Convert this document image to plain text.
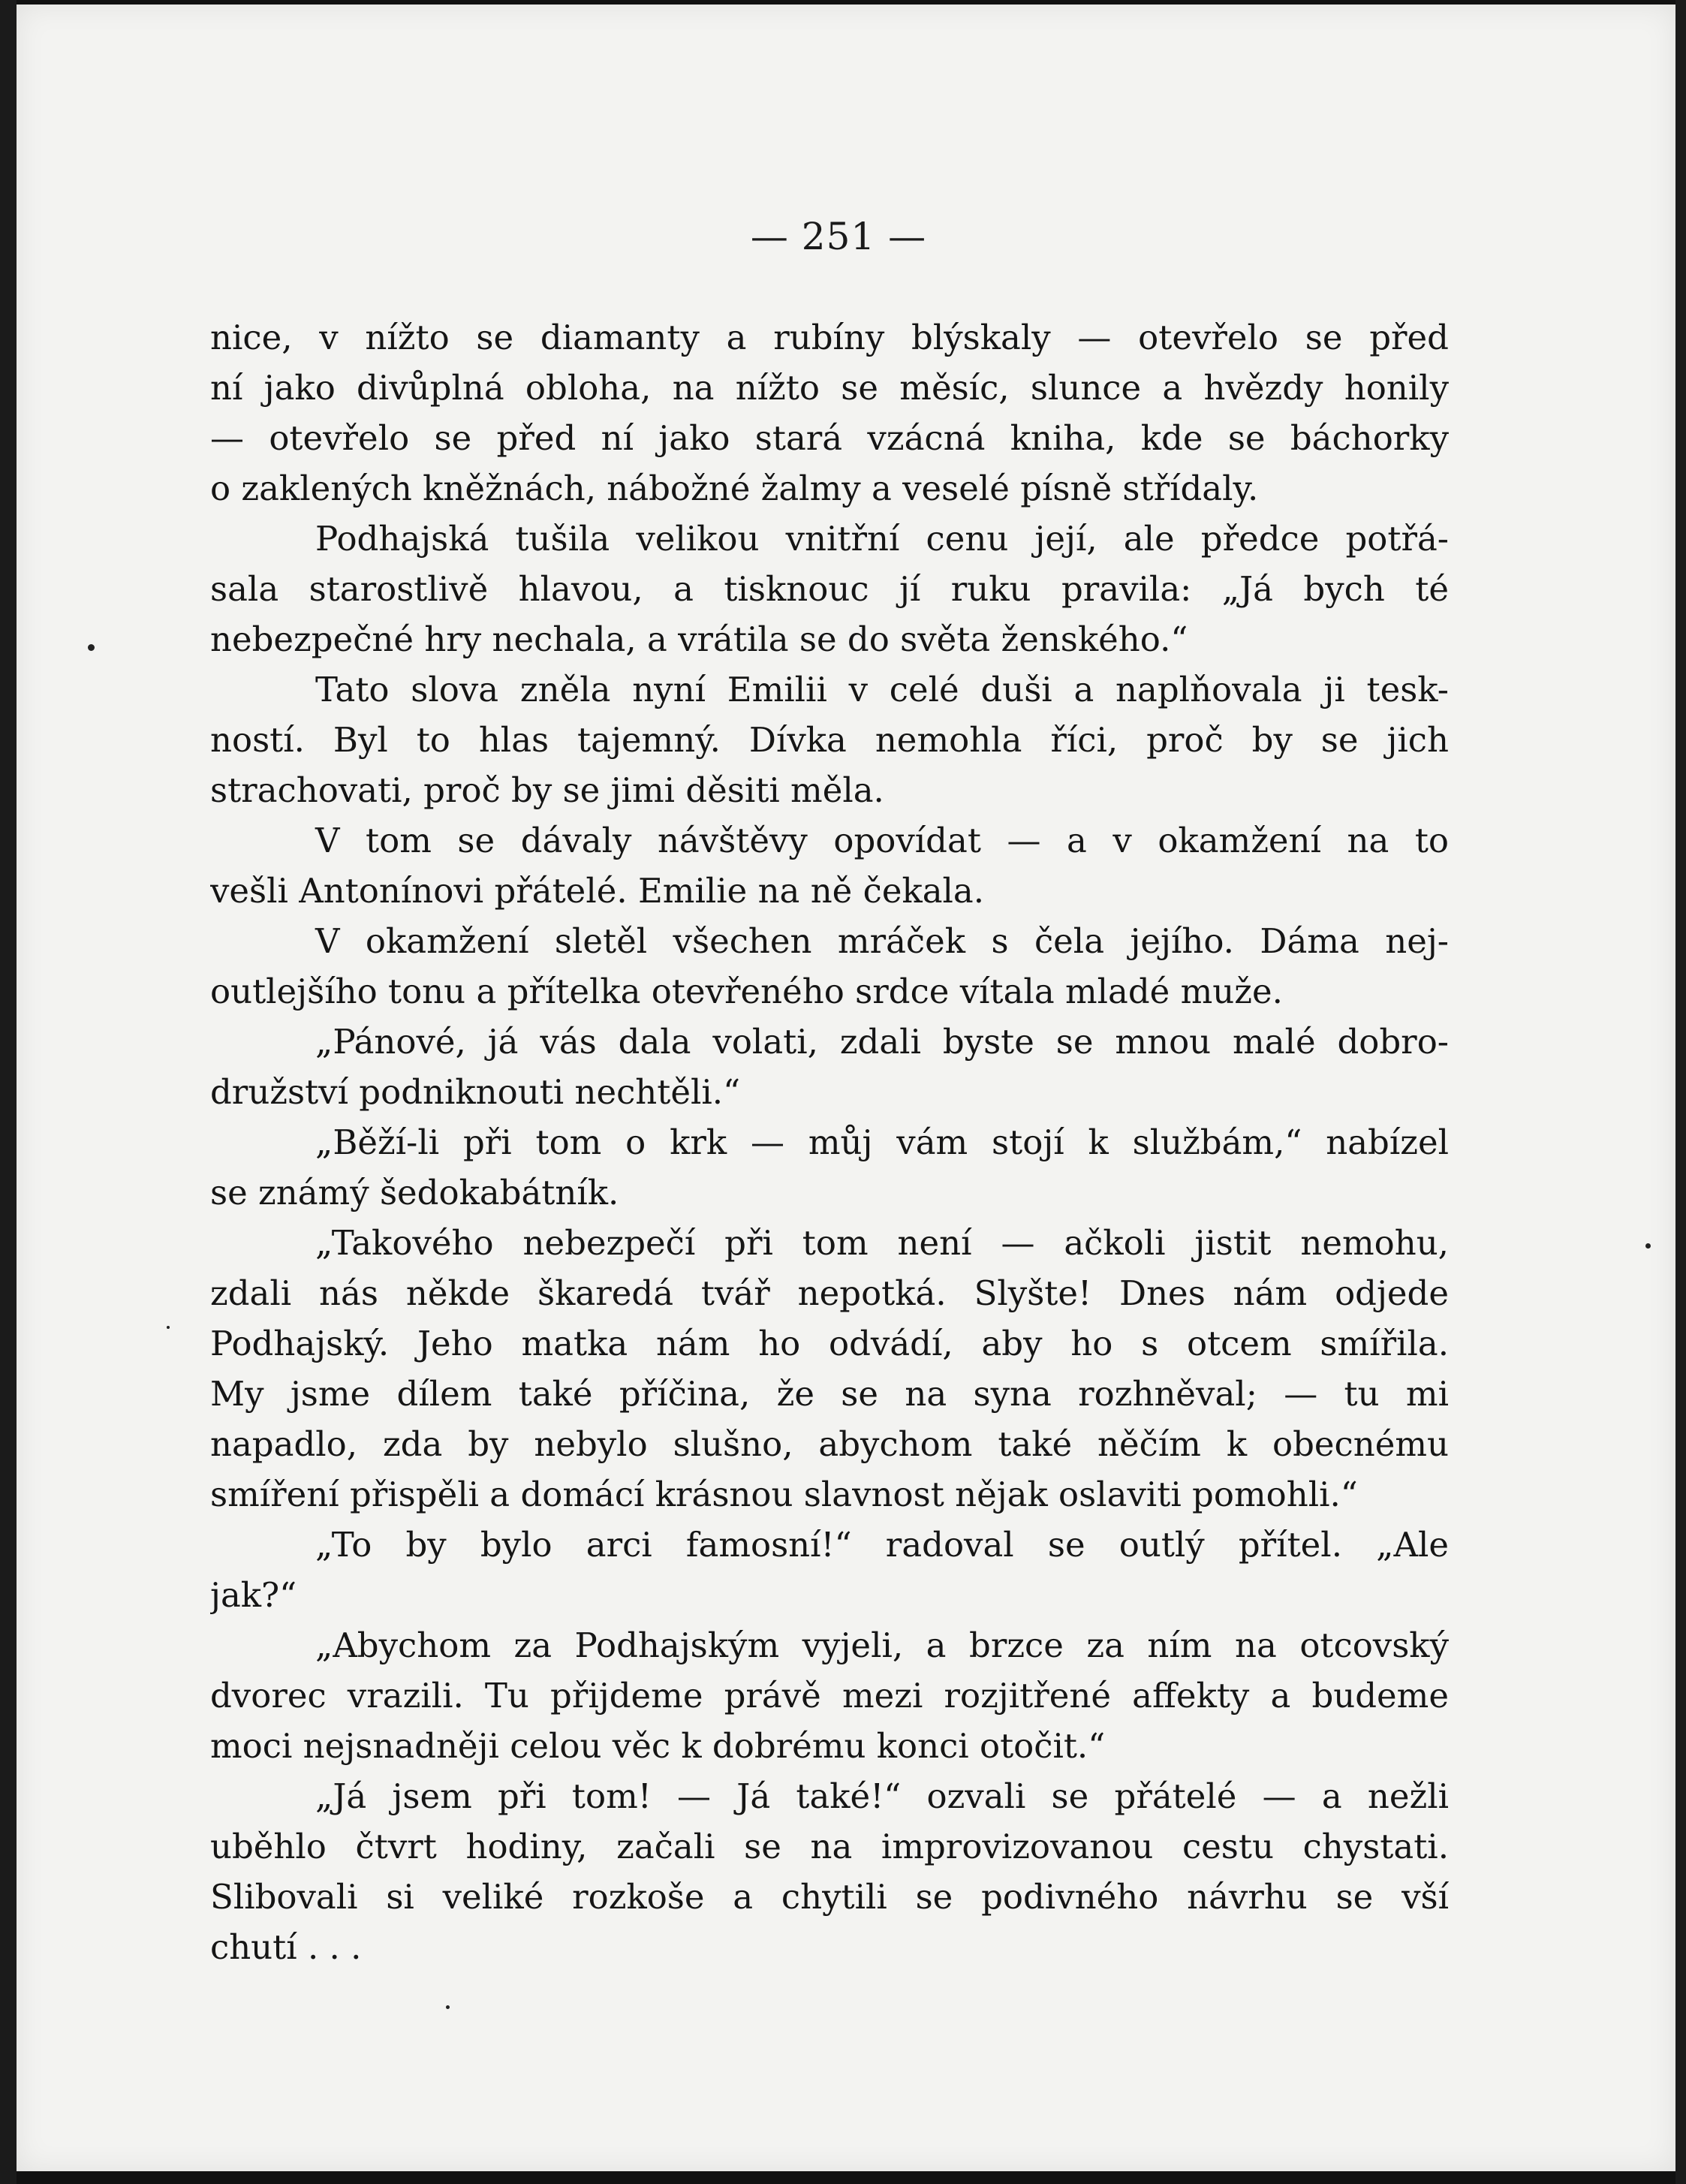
— 251 —
nice, v nížto se diamanty a rubíny blýskaly — otevřelo se před
ní jako divůplná obloha, na nížto se měsíc, slunce a hvězdy honily
— otevřelo se před ní jako stará vzácná kniha, kde se báchorky
o zaklených kněžnách, nábožné žalmy a veselé písně střídaly.
Podhajská tušila velikou vnitřní cenu její, ale předce potřá-
sala starostlivě hlavou, a tisknouc jí ruku pravila: „Já bych té
nebezpečné hry nechala, a vrátila se do světa ženského.“
Tato slova zněla nyní Emilii v celé duši a naplňovala ji tesk-
ností. Byl to hlas tajemný. Dívka nemohla říci, proč by se jich
strachovati, proč by se jimi děsiti měla.
V tom se dávaly návštěvy opovídat — a v okamžení na to
vešli Antonínovi přátelé. Emilie na ně čekala.
V okamžení sletěl všechen mráček s čela jejího. Dáma nej-
outlejšího tonu a přítelka otevřeného srdce vítala mladé muže.
„Pánové, já vás dala volati, zdali byste se mnou malé dobro-
družství podniknouti nechtěli.“
„Běží-li při tom o krk — můj vám stojí k službám,“ nabízel
se známý šedokabátník.
„Takového nebezpečí při tom není — ačkoli jistit nemohu,
zdali nás někde škaredá tvář nepotká. Slyšte! Dnes nám odjede
Podhajský. Jeho matka nám ho odvádí, aby ho s otcem smířila.
My jsme dílem také příčina, že se na syna rozhněval; — tu mi
napadlo, zda by nebylo slušno, abychom také něčím k obecnému
smíření přispěli a domácí krásnou slavnost nějak oslaviti pomohli.“
„To by bylo arci famosní!“ radoval se outlý přítel. „Ale
jak?“
„Abychom za Podhajským vyjeli, a brzce za ním na otcovský
dvorec vrazili. Tu přijdeme právě mezi rozjitřené affekty a budeme
moci nejsnadněji celou věc k dobrému konci otočit.“
„Já jsem při tom! — Já také!“ ozvali se přátelé — a nežli
uběhlo čtvrt hodiny, začali se na improvizovanou cestu chystati.
Slibovali si veliké rozkoše a chytili se podivného návrhu se vší
chutí . . .
